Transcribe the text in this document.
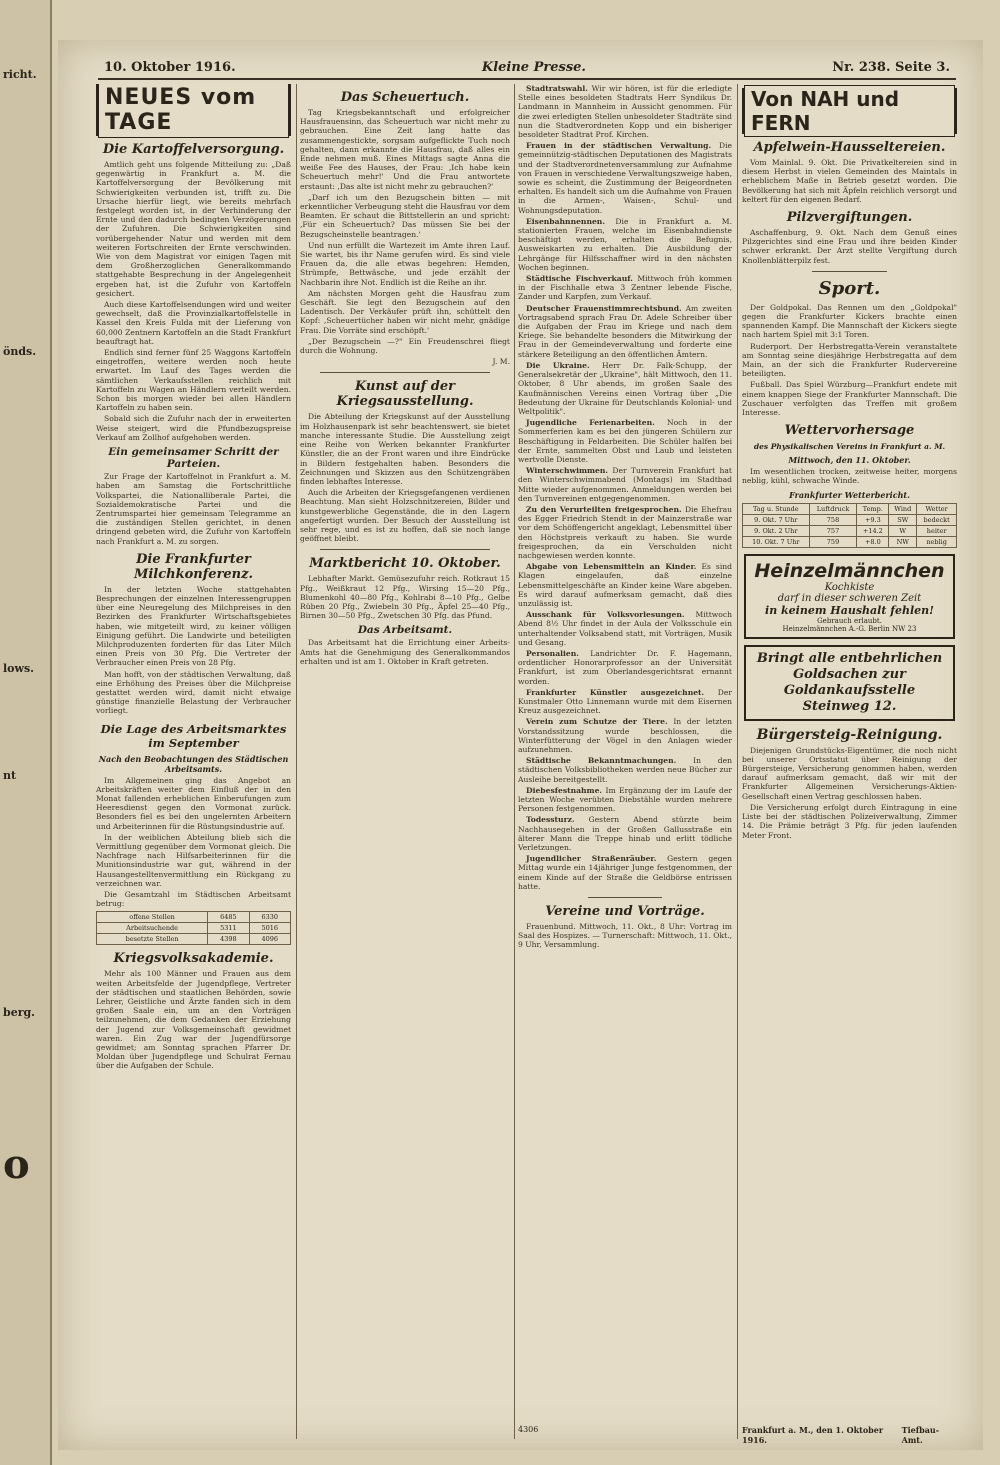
richt.
önds.
lows.
nt
berg.
o
10. Oktober 1916.	Kleine Presse.	Nr. 238. Seite 3.
NEUES vom TAGE
Die Kartoffelversorgung.

Amtlich geht uns folgende Mitteilung zu: „Daß gegenwärtig in Frankfurt a. M. die Kartoffelversorgung der Bevölkerung mit Schwierigkeiten verbunden ist, trifft zu. Die Ursache hierfür liegt, wie bereits mehrfach festgelegt worden ist, in der Verhinderung der Ernte und den dadurch bedingten Verzögerungen der Zufuhren. Die Schwierigkeiten sind vorübergehender Natur und werden mit dem weiteren Fortschreiten der Ernte verschwinden. Wie von dem Magistrat vor einigen Tagen mit dem Großherzoglichen Generalkommando stattgehabte Besprechung in der Angelegenheit ergeben hat, ist die Zufuhr von Kartoffeln gesichert.

Auch diese Kartoffelsendungen wird und weiter gewechselt, daß die Provinzialkartoffelstelle in Kassel den Kreis Fulda mit der Lieferung von 60,000 Zentnern Kartoffeln an die Stadt Frankfurt beauftragt hat.

Endlich sind ferner fünf 25 Waggons Kartoffeln eingetroffen, weitere werden noch heute erwartet. Im Lauf des Tages werden die sämtlichen Verkaufsstellen reichlich mit Kartoffeln zu Wagen an Händlern verteilt werden. Schon bis morgen wieder bei allen Händlern Kartoffeln zu haben sein.

Sobald sich die Zufuhr nach der in erweiterten Weise steigert, wird die Pfundbezugspreise Verkauf am Zollhof aufgehoben werden.

Ein gemeinsamer Schritt der Parteien.

Zur Frage der Kartoffelnot in Frankfurt a. M. haben am Samstag die Fortschrittliche Volkspartei, die Nationalliberale Partei, die Sozialdemokratische Partei und die Zentrumspartei hier gemeinsam Telegramme an die zuständigen Stellen gerichtet, in denen dringend gebeten wird, die Zufuhr von Kartoffeln nach Frankfurt a. M. zu sorgen.

Die Frankfurter Milchkonferenz.

In der letzten Woche stattgehabten Besprechungen der einzelnen Interessengruppen über eine Neuregelung des Milchpreises in den Bezirken des Frankfurter Wirtschaftsgebietes haben, wie mitgeteilt wird, zu keiner völligen Einigung geführt. Die Landwirte und beteiligten Milchproduzenten forderten für das Liter Milch einen Preis von 30 Pfg. Die Vertreter der Verbraucher einen Preis von 28 Pfg.

Man hofft, von der städtischen Verwaltung, daß eine Erhöhung des Preises über die Milchpreise gestattet werden wird, damit nicht etwaige günstige finanzielle Belastung der Verbraucher vorliegt.

Die Lage des Arbeitsmarktes im September
Nach den Beobachtungen des Städtischen Arbeitsamts.

Im Allgemeinen ging das Angebot an Arbeitskräften weiter dem Einfluß der in den Monat fallenden erheblichen Einberufungen zum Heeresdienst gegen den Vormonat zurück. Besonders fiel es bei den ungelernten Arbeitern und Arbeiterinnen für die Rüstungsindustrie auf.

In der weiblichen Abteilung blieb sich die Vermittlung gegenüber dem Vormonat gleich. Die Nachfrage nach Hilfsarbeiterinnen für die Munitionsindustrie war gut, während in der Hausangestelltenvermittlung ein Rückgang zu verzeichnen war.

Die Gesamtzahl im Städtischen Arbeitsamt betrug:

offene Stellen	6485	6330
Arbeitsuchende	5311	5016
besetzte Stellen	4398	4096
Kriegsvolksakademie.

Mehr als 100 Männer und Frauen aus dem weiten Arbeitsfelde der Jugendpflege, Vertreter der städtischen und staatlichen Behörden, sowie Lehrer, Geistliche und Ärzte fanden sich in dem großen Saale ein, um an den Vorträgen teilzunehmen, die dem Gedanken der Erziehung der Jugend zur Volksgemeinschaft gewidmet waren. Ein Zug war der Jugendfürsorge gewidmet; am Sonntag sprachen Pfarrer Dr. Moldan über Jugendpflege und Schulrat Fernau über die Aufgaben der Schule.

Das Scheuertuch.

Tag Kriegsbekanntschaft und erfolgreicher Hausfrauensinn, das Scheuertuch war nicht mehr zu gebrauchen. Eine Zeit lang hatte das zusammengestickte, sorgsam aufgeflickte Tuch noch gehalten, dann erkannte die Hausfrau, daß alles ein Ende nehmen muß. Eines Mittags sagte Anna die weiße Fee des Hauses, der Frau: ‚Ich habe kein Scheuertuch mehr!' Und die Frau antwortete erstaunt: ‚Das alte ist nicht mehr zu gebrauchen?'

„Darf ich um den Bezugschein bitten — mit erkenntlicher Verbeugung steht die Hausfrau vor dem Beamten. Er schaut die Bittstellerin an und spricht: ‚Für ein Scheuertuch? Das müssen Sie bei der Bezugscheinstelle beantragen.'

Und nun erfüllt die Wartezeit im Amte ihren Lauf. Sie wartet, bis ihr Name gerufen wird. Es sind viele Frauen da, die alle etwas begehren: Hemden, Strümpfe, Bettwäsche, und jede erzählt der Nachbarin ihre Not. Endlich ist die Reihe an ihr.

Am nächsten Morgen geht die Hausfrau zum Geschäft. Sie legt den Bezugschein auf den Ladentisch. Der Verkäufer prüft ihn, schüttelt den Kopf: ‚Scheuertücher haben wir nicht mehr, gnädige Frau. Die Vorräte sind erschöpft.'

„Der Bezugschein —?" Ein Freudenschrei fliegt durch die Wohnung.

J. M.

Kunst auf der Kriegsausstellung.

Die Abteilung der Kriegskunst auf der Ausstellung im Holzhausenpark ist sehr beachtenswert, sie bietet manche interessante Studie. Die Ausstellung zeigt eine Reihe von Werken bekannter Frankfurter Künstler, die an der Front waren und ihre Eindrücke in Bildern festgehalten haben. Besonders die Zeichnungen und Skizzen aus den Schützengräben finden lebhaftes Interesse.

Auch die Arbeiten der Kriegsgefangenen verdienen Beachtung. Man sieht Holzschnitzereien, Bilder und kunstgewerbliche Gegenstände, die in den Lagern angefertigt wurden. Der Besuch der Ausstellung ist sehr rege, und es ist zu hoffen, daß sie noch lange geöffnet bleibt.

Marktbericht 10. Oktober.

Lebhafter Markt. Gemüsezufuhr reich. Rotkraut 15 Pfg., Weißkraut 12 Pfg., Wirsing 15—20 Pfg., Blumenkohl 40—80 Pfg., Kohlrabi 8—10 Pfg., Gelbe Rüben 20 Pfg., Zwiebeln 30 Pfg., Äpfel 25—40 Pfg., Birnen 30—50 Pfg., Zwetschen 30 Pfg. das Pfund.

Das Arbeitsamt.

Das Arbeitsamt hat die Errichtung einer Arbeits-Amts hat die Genehmigung des Generalkommandos erhalten und ist am 1. Oktober in Kraft getreten.

Stadtratswahl. Wir wir hören, ist für die erledigte Stelle eines besoldeten Stadtrats Herr Syndikus Dr. Landmann in Mannheim in Aussicht genommen. Für die zwei erledigten Stellen unbesoldeter Stadträte sind nun die Stadtverordneten Kopp und ein bisheriger besoldeter Stadtrat Prof. Kirchen.

Frauen in der städtischen Verwaltung. Die gemeinnützig-städtischen Deputationen des Magistrats und der Stadtverordnetenversammlung zur Aufnahme von Frauen in verschiedene Verwaltungszweige haben, sowie es scheint, die Zustimmung der Beigeordneten erhalten. Es handelt sich um die Aufnahme von Frauen in die Armen-, Waisen-, Schul- und Wohnungsdeputation.

Eisenbahnnennen. Die in Frankfurt a. M. stationierten Frauen, welche im Eisenbahndienste beschäftigt werden, erhalten die Befugnis, Ausweiskarten zu erhalten. Die Ausbildung der Lehrgänge für Hilfsschaffner wird in den nächsten Wochen beginnen.

Städtische Fischverkauf. Mittwoch früh kommen in der Fischhalle etwa 3 Zentner lebende Fische, Zander und Karpfen, zum Verkauf.

Deutscher Frauenstimmrechtsbund. Am zweiten Vortragsabend sprach Frau Dr. Adele Schreiber über die Aufgaben der Frau im Kriege und nach dem Kriege. Sie behandelte besonders die Mitwirkung der Frau in der Gemeindeverwaltung und forderte eine stärkere Beteiligung an den öffentlichen Ämtern.

Die Ukraine. Herr Dr. Falk-Schupp, der Generalsekretär der „Ukraine", hält Mittwoch, den 11. Oktober, 8 Uhr abends, im großen Saale des Kaufmännischen Vereins einen Vortrag über „Die Bedeutung der Ukraine für Deutschlands Kolonial- und Weltpolitik".

Jugendliche Ferienarbeiten. Noch in der Sommerferien kam es bei den jüngeren Schülern zur Beschäftigung in Feldarbeiten. Die Schüler halfen bei der Ernte, sammelten Obst und Laub und leisteten wertvolle Dienste.

Winterschwimmen. Der Turnverein Frankfurt hat den Winterschwimmabend (Montags) im Stadtbad Mitte wieder aufgenommen. Anmeldungen werden bei den Turnvereinen entgegengenommen.

Zu den Verurteilten freigesprochen. Die Ehefrau des Egger Friedrich Stendt in der Mainzerstraße war vor dem Schöffengericht angeklagt, Lebensmittel über den Höchstpreis verkauft zu haben. Sie wurde freigesprochen, da ein Verschulden nicht nachgewiesen werden konnte.

Abgabe von Lebensmitteln an Kinder. Es sind Klagen eingelaufen, daß einzelne Lebensmittelgeschäfte an Kinder keine Ware abgeben. Es wird darauf aufmerksam gemacht, daß dies unzulässig ist.

Ausschank für Volksvorlesungen. Mittwoch Abend 8½ Uhr findet in der Aula der Volksschule ein unterhaltender Volksabend statt, mit Vorträgen, Musik und Gesang.

Personalien. Landrichter Dr. F. Hagemann, ordentlicher Honorarprofessor an der Universität Frankfurt, ist zum Oberlandesgerichtsrat ernannt worden.

Frankfurter Künstler ausgezeichnet. Der Kunstmaler Otto Linnemann wurde mit dem Eisernen Kreuz ausgezeichnet.

Verein zum Schutze der Tiere. In der letzten Vorstandssitzung wurde beschlossen, die Winterfütterung der Vögel in den Anlagen wieder aufzunehmen.

Städtische Bekanntmachungen. In den städtischen Volksbibliotheken werden neue Bücher zur Ausleihe bereitgestellt.

Diebesfestnahme. Im Ergänzung der im Laufe der letzten Woche verübten Diebstähle wurden mehrere Personen festgenommen.

Todessturz. Gestern Abend stürzte beim Nachhausegehen in der Großen Gallusstraße ein älterer Mann die Treppe hinab und erlitt tödliche Verletzungen.

Jugendlicher Straßenräuber. Gestern gegen Mittag wurde ein 14jähriger Junge festgenommen, der einem Kinde auf der Straße die Geldbörse entrissen hatte.

Vereine und Vorträge.

Frauenbund. Mittwoch, 11. Okt., 8 Uhr: Vortrag im Saal des Hospizes. — Turnerschaft: Mittwoch, 11. Okt., 9 Uhr, Versammlung.

4306
Von NAH und FERN
Apfelwein-Hausseltereien.

Vom Mainlal. 9. Okt. Die Privatkeltereien sind in diesem Herbst in vielen Gemeinden des Maintals in erheblichem Maße in Betrieb gesetzt worden. Die Bevölkerung hat sich mit Äpfeln reichlich versorgt und keltert für den eigenen Bedarf.

Pilzvergiftungen.

Aschaffenburg, 9. Okt. Nach dem Genuß eines Pilzgerichtes sind eine Frau und ihre beiden Kinder schwer erkrankt. Der Arzt stellte Vergiftung durch Knollenblätterpilz fest.

Sport.

Der Goldpokal. Das Rennen um den „Goldpokal" gegen die Frankfurter Kickers brachte einen spannenden Kampf. Die Mannschaft der Kickers siegte nach hartem Spiel mit 3:1 Toren.

Ruderport. Der Herbstregatta-Verein veranstaltete am Sonntag seine diesjährige Herbstregatta auf dem Main, an der sich die Frankfurter Rudervereine beteiligten.

Fußball. Das Spiel Würzburg—Frankfurt endete mit einem knappen Siege der Frankfurter Mannschaft. Die Zuschauer verfolgten das Treffen mit großem Interesse.

Wettervorhersage
des Physikalischen Vereins in Frankfurt a. M.
Mittwoch, den 11. Oktober.

Im wesentlichen trocken, zeitweise heiter, morgens neblig, kühl, schwache Winde.

Frankfurter Wetterbericht.
Tag u. Stunde	Luftdruck	Temp.	Wind	Wetter
9. Okt. 7 Uhr	758	+9.3	SW	bedeckt
9. Okt. 2 Uhr	757	+14.2	W	heiter
10. Okt. 7 Uhr	759	+8.0	NW	neblig
Heinzelmännchen
Kochkiste
darf in dieser schweren Zeit
in keinem Haushalt fehlen!
Gebrauch erlaubt.
Heinzelmännchen A.-G. Berlin NW 23
Bringt alle entbehrlichen Goldsachen zur Goldankaufsstelle Steinweg 12.
Bürgersteig-Reinigung.

Diejenigen Grundstücks-Eigentümer, die noch nicht bei unserer Ortsstatut über Reinigung der Bürgersteige, Versicherung genommen haben, werden darauf aufmerksam gemacht, daß wir mit der Frankfurter Allgemeinen Versicherungs-Aktien-Gesellschaft einen Vertrag geschlossen haben.

Die Versicherung erfolgt durch Eintragung in eine Liste bei der städtischen Polizeiverwaltung, Zimmer 14. Die Prämie beträgt 3 Pfg. für jeden laufenden Meter Front.

Frankfurt a. M., den 1. Oktober 1916.
Tiefbau-Amt.
